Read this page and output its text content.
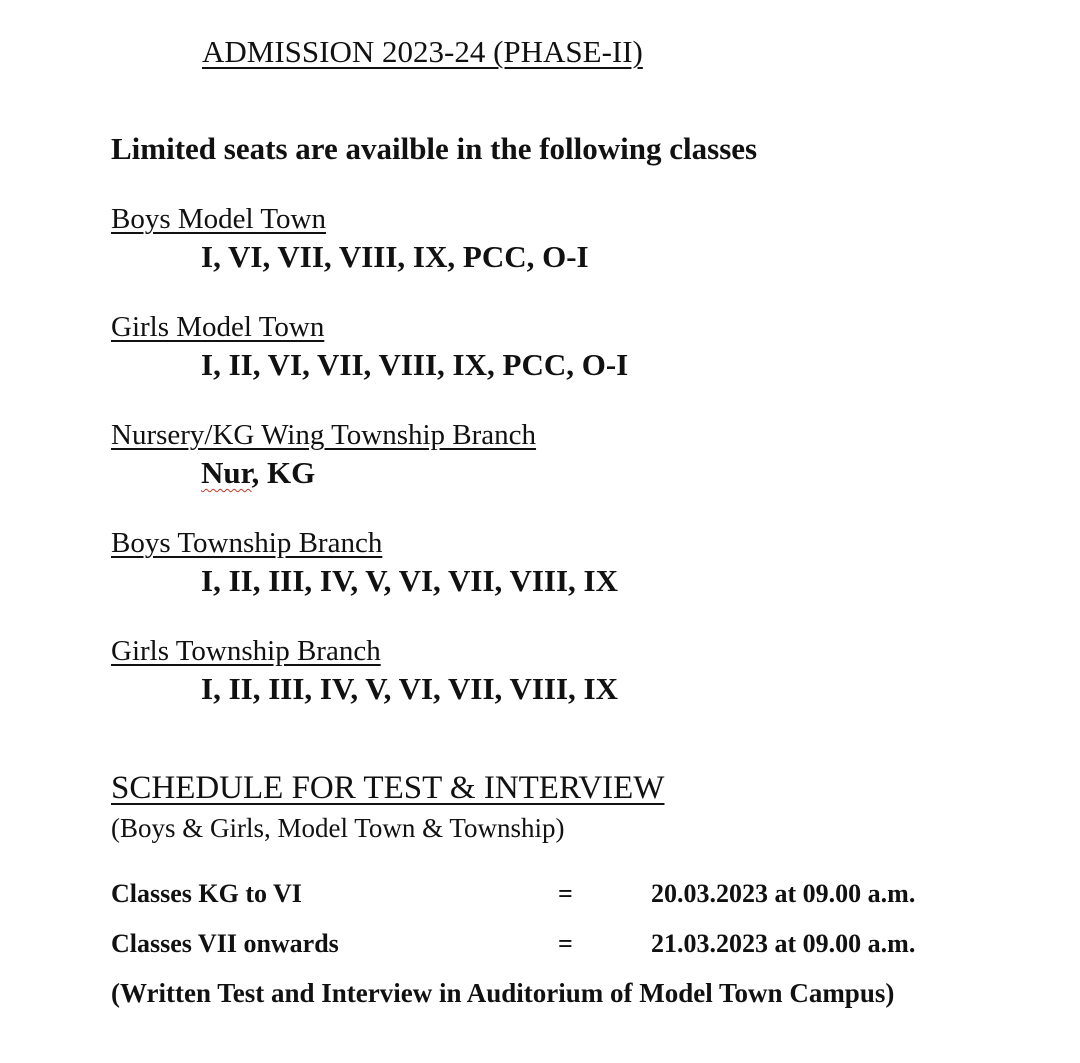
ADMISSION 2023-24 (PHASE-II)
Limited seats are availble in the following classes
Boys Model Town
I, VI, VII, VIII, IX, PCC, O-I
Girls Model Town
I, II, VI, VII, VIII, IX, PCC, O-I
Nursery/KG Wing Township Branch
Nur, KG
Boys Township Branch
I, II, III, IV, V, VI, VII, VIII, IX
Girls Township Branch
I, II, III, IV, V, VI, VII, VIII, IX
SCHEDULE FOR TEST & INTERVIEW
(Boys & Girls, Model Town & Township)
Classes KG to VI	=	20.03.2023 at 09.00 a.m.
Classes VII onwards	=	21.03.2023 at 09.00 a.m.
(Written Test and Interview in Auditorium of Model Town Campus)
